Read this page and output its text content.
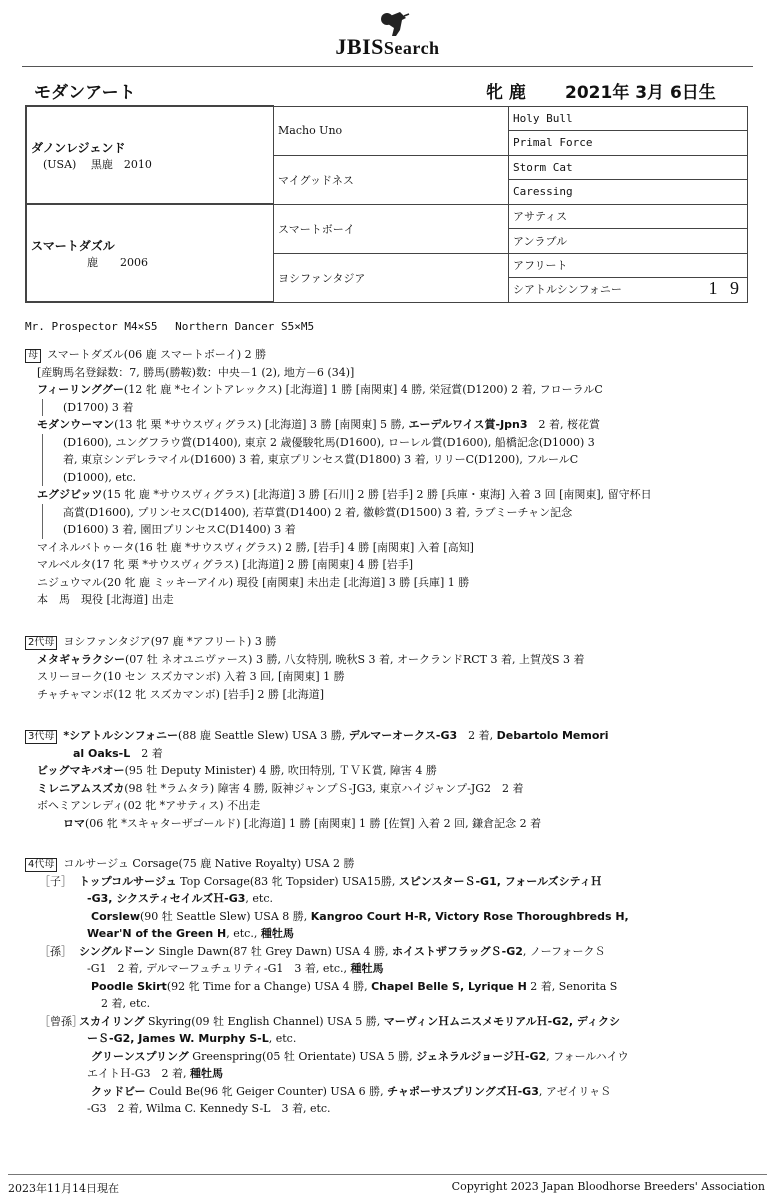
JBISSearch
モダンアート	牝 鹿 2021年 3月 6日生
ダノンレジェンド
(USA)　 黒鹿　2010	Macho Uno	Holy Bull
		Primal Force
	マイグッドネス	Storm Cat
		Caressing

スマートダズル
　　　　鹿　　2006	スマートボーイ	アサティス
		アンラブル
	ヨシファンタジア	アフリート
		シアトルシンフォニー 1 9
Mr. Prospector M4×S5　 Northern Dancer S5×M5
母 スマートダズル(06 鹿 スマートボーイ) 2 勝
[産駒馬名登録数：7, 勝馬(勝鞍)数：中央－1 (2), 地方－6 (34)]
フィーリンググー(12 牝 鹿 *セイントアレックス) [北海道] 1 勝 [南関東] 4 勝, 栄冠賞(D1200) 2 着, フローラルC
(D1700) 3 着
モダンウーマン(13 牝 栗 *サウスヴィグラス) [北海道] 3 勝 [南関東] 5 勝, エーデルワイス賞-Jpn3　2 着, 桜花賞
(D1600), ユングフラウ賞(D1400), 東京 2 歳優駿牝馬(D1600), ローレル賞(D1600), 船橋記念(D1000) 3
着, 東京シンデレラマイル(D1600) 3 着, 東京プリンセス賞(D1800) 3 着, リリーC(D1200), フルールC
(D1000), etc.
エグジビッツ(15 牝 鹿 *サウスヴィグラス) [北海道] 3 勝 [石川] 2 勝 [岩手] 2 勝 [兵庫・東海] 入着 3 回 [南関東], 留守杯日
高賞(D1600), プリンセスC(D1400), 若草賞(D1400) 2 着, 徽軫賞(D1500) 3 着, ラブミーチャン記念
(D1600) 3 着, 園田プリンセスC(D1400) 3 着
マイネルバトゥータ(16 牡 鹿 *サウスヴィグラス) 2 勝, [岩手] 4 勝 [南関東] 入着 [高知]
マルベルタ(17 牝 栗 *サウスヴィグラス) [北海道] 2 勝 [南関東] 4 勝 [岩手]
ニジュウマル(20 牝 鹿 ミッキーアイル) 現役 [南関東] 未出走 [北海道] 3 勝 [兵庫] 1 勝
本　馬　現役 [北海道] 出走
2代母 ヨシファンタジア(97 鹿 *アフリート) 3 勝
メタギャラクシー(07 牡 ネオユニヴァース) 3 勝, 八女特別, 晩秋S 3 着, オークランドRCT 3 着, 上賀茂S 3 着
スリーヨーク(10 セン スズカマンボ) 入着 3 回, [南関東] 1 勝
チャチャマンボ(12 牝 スズカマンボ) [岩手] 2 勝 [北海道]
3代母 *シアトルシンフォニー(88 鹿 Seattle Slew) USA 3 勝, デルマーオークス-G3　2 着, Debartolo Memori
al Oaks-L　2 着
ビッグマキバオー(95 牡 Deputy Minister) 4 勝, 吹田特別, ＴＶＫ賞, 障害 4 勝
ミレニアムスズカ(98 牡 *ラムタラ) 障害 4 勝, 阪神ジャンプＳ-JG3, 東京ハイジャンプ-JG2　2 着
ボヘミアンレディ(02 牝 *アサティス) 不出走
ロマ(06 牝 *スキャターザゴールド) [北海道] 1 勝 [南関東] 1 勝 [佐賀] 入着 2 回, 鎌倉記念 2 着
4代母 コルサージュ Corsage(75 鹿 Native Royalty) USA 2 勝
［子］ トップコルサージュ Top Corsage(83 牝 Topsider) USA15勝, スピンスターＳ-G1, フォールズシティＨ
-G3, シクスティセイルズＨ-G3, etc.
Corslew(90 牡 Seattle Slew) USA 8 勝, Kangroo Court H-R, Victory Rose Thoroughbreds H,
Wear'N of the Green H, etc., 種牡馬
［孫］ シングルドーン Single Dawn(87 牡 Grey Dawn) USA 4 勝, ホイストザフラッグＳ-G2, ノーフォークＳ
-G1　2 着, デルマーフュチュリティ-G1　3 着, etc., 種牡馬
Poodle Skirt(92 牝 Time for a Change) USA 4 勝, Chapel Belle S, Lyrique H 2 着, Senorita S
2 着, etc.
［曾孫］スカイリング Skyring(09 牡 English Channel) USA 5 勝, マーヴィンＨムニスメモリアルＨ-G2, ディクシ
ーＳ-G2, James W. Murphy S-L, etc.
グリーンスプリング Greenspring(05 牡 Orientate) USA 5 勝, ジェネラルジョージＨ-G2, フォールハイウ
エイトＨ-G3　2 着, 種牡馬
クッドビー Could Be(96 牝 Geiger Counter) USA 6 勝, チャポーサスプリングズＨ-G3, アゼイリャＳ
-G3　2 着, Wilma C. Kennedy S-L　3 着, etc.
2023年11月14日現在	Copyright 2023 Japan Bloodhorse Breeders' Association
